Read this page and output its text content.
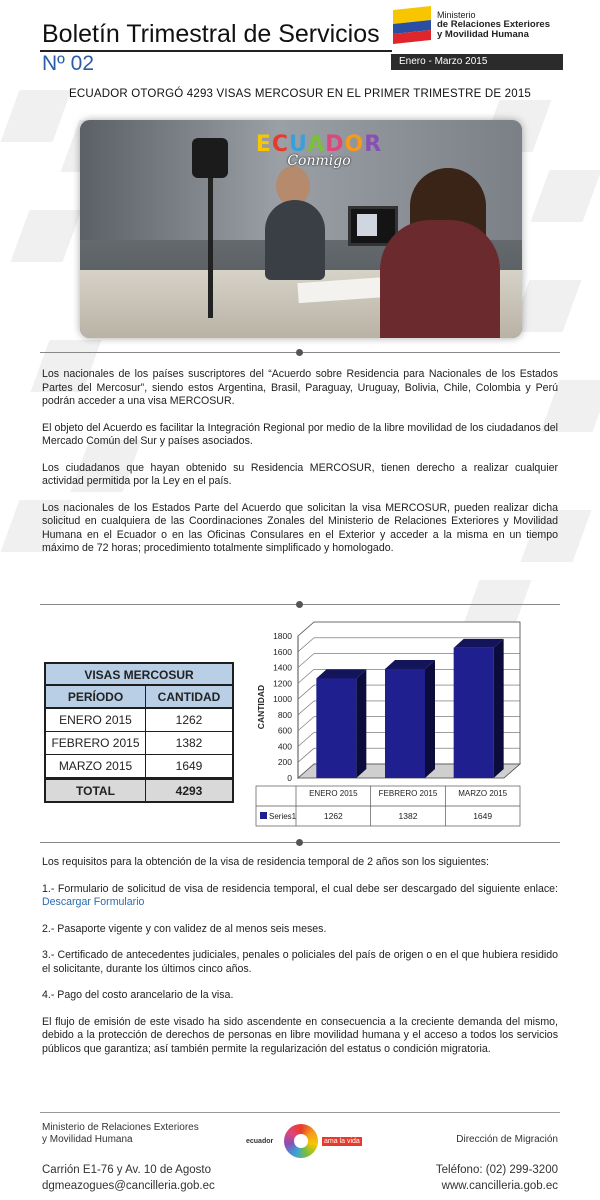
Boletín Trimestral de Servicios
Nº 02	Enero - Marzo 2015
Ministerio
de Relaciones Exteriores
y Movilidad Humana
ECUADOR OTORGÓ 4293 VISAS MERCOSUR EN EL PRIMER TRIMESTRE DE 2015
ECUADOR
Conmigo

Los nacionales de los países suscriptores del “Acuerdo sobre Residencia para Nacionales de los Estados Partes del Mercosur”, siendo estos Argentina, Brasil, Paraguay, Uruguay, Bolivia, Chile, Colombia y Perú podrán acceder a una visa MERCOSUR.

El objeto del Acuerdo es facilitar la Integración Regional por medio de la libre movilidad de los ciudadanos del Mercado Común del Sur y países asociados.

Los ciudadanos que hayan obtenido su Residencia MERCOSUR, tienen derecho a realizar cualquier actividad permitida por la Ley en el país.

Los nacionales de los Estados Parte del Acuerdo que solicitan la visa MERCOSUR, pueden realizar dicha solicitud en cualquiera de las Coordinaciones Zonales del Ministerio de Relaciones Exteriores y Movilidad Humana en el Ecuador o en las Oficinas Consulares en el Exterior y acceder a la misma en un tiempo máximo de 72 horas; procedimiento totalmente simplificado y homologado.

VISAS MERCOSUR
PERÍODO	CANTIDAD
ENERO 2015	1262
FEBRERO 2015	1382
MARZO 2015	1649
TOTAL	4293
0
200
400
600
800
1000
1200
1400
1600
1800
CANTIDAD
ENERO 2015
1262
FEBRERO 2015
1382
MARZO 2015
1649
Series1

Los requisitos para la obtención de la visa de residencia temporal de 2 años son los siguientes:

1.- Formulario de solicitud de visa de residencia temporal, el cual debe ser descargado del siguiente enlace: Descargar Formulario

2.- Pasaporte vigente y con validez de al menos seis meses.

3.- Certificado de antecedentes judiciales, penales o policiales del país de origen o en el que hubiera residido el solicitante, durante los últimos cinco años.

4.- Pago del costo arancelario de la visa.

El flujo de emisión de este visado ha sido ascendente en consecuencia a la creciente demanda del mismo, debido a la protección de derechos de personas en libre movilidad humana y el acceso a todos los servicios públicos que garantiza; así también permite la regularización del estatus o condición migratoria.

Ministerio de Relaciones Exteriores
y Movilidad Humana	ecuador	ama la vida	Dirección de Migración
Carrión E1-76 y Av. 10 de Agosto
dgmeazogues@cancilleria.gob.ec
Teléfono: (02) 299-3200
www.cancilleria.gob.ec
